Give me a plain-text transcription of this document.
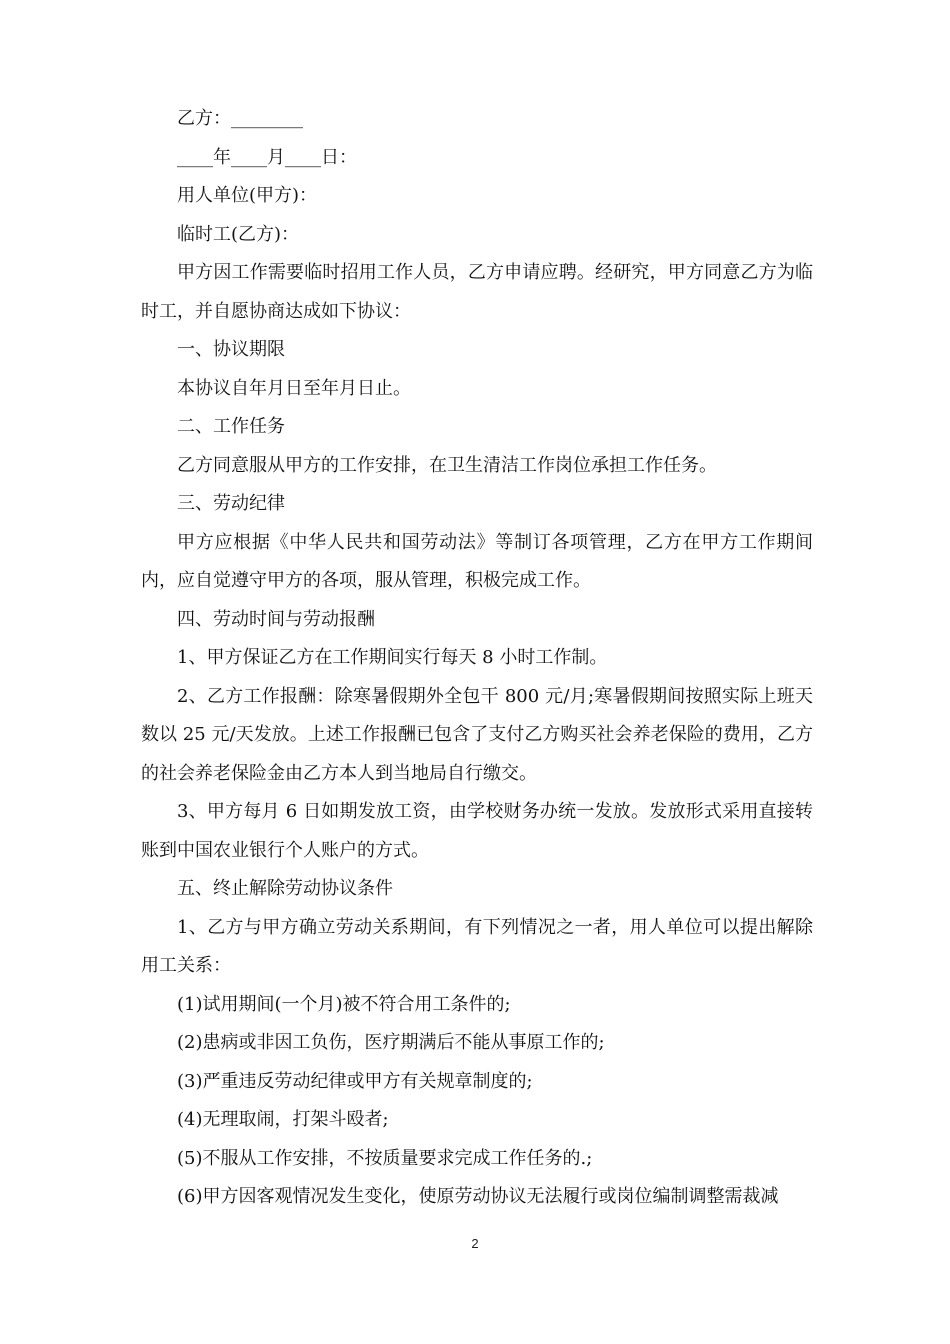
乙方：________

____年____月____日：

用人单位(甲方)：

临时工(乙方)：

甲方因工作需要临时招用工作人员，乙方申请应聘。经研究，甲方同意乙方为临时工，并自愿协商达成如下协议：

一、协议期限

本协议自年月日至年月日止。

二、工作任务

乙方同意服从甲方的工作安排，在卫生清洁工作岗位承担工作任务。

三、劳动纪律

甲方应根据《中华人民共和国劳动法》等制订各项管理，乙方在甲方工作期间内，应自觉遵守甲方的各项，服从管理，积极完成工作。

四、劳动时间与劳动报酬

1、甲方保证乙方在工作期间实行每天 8 小时工作制。

2、乙方工作报酬：除寒暑假期外全包干 800 元/月;寒暑假期间按照实际上班天数以 25 元/天发放。上述工作报酬已包含了支付乙方购买社会养老保险的费用，乙方的社会养老保险金由乙方本人到当地局自行缴交。

3、甲方每月 6 日如期发放工资，由学校财务办统一发放。发放形式采用直接转账到中国农业银行个人账户的方式。

五、终止解除劳动协议条件

1、乙方与甲方确立劳动关系期间，有下列情况之一者，用人单位可以提出解除用工关系：

(1)试用期间(一个月)被不符合用工条件的;

(2)患病或非因工负伤，医疗期满后不能从事原工作的;

(3)严重违反劳动纪律或甲方有关规章制度的;

(4)无理取闹，打架斗殴者;

(5)不服从工作安排，不按质量要求完成工作任务的.;

(6)甲方因客观情况发生变化，使原劳动协议无法履行或岗位编制调整需裁减

2
